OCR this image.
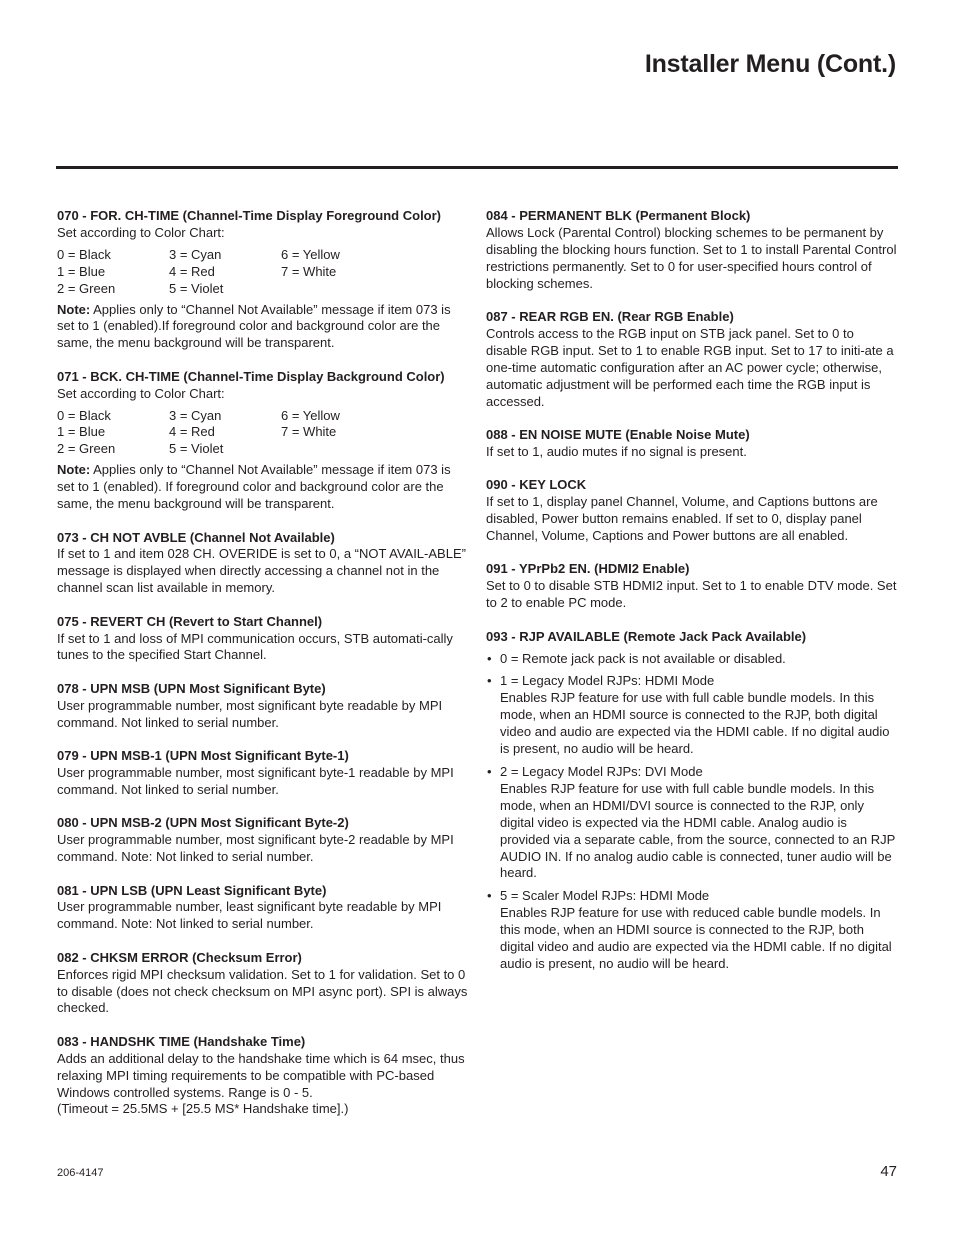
Installer Menu (Cont.)
070 - FOR. CH-TIME (Channel-Time Display Foreground Color)

Set according to Color Chart:

0 = Black	3 = Cyan	6 = Yellow
1 = Blue	4 = Red	7 = White
2 = Green	5 = Violet

Note: Applies only to “Channel Not Available” message if item 073 is set to 1 (enabled).If foreground color and background color are the same, the menu background will be transparent.

071 - BCK. CH-TIME (Channel-Time Display Background Color)

Set according to Color Chart:

0 = Black	3 = Cyan	6 = Yellow
1 = Blue	4 = Red	7 = White
2 = Green	5 = Violet

Note: Applies only to “Channel Not Available” message if item 073 is set to 1 (enabled). If foreground color and background color are the same, the menu background will be transparent.

073 - CH NOT AVBLE (Channel Not Available)

If set to 1 and item 028 CH. OVERIDE is set to 0, a “NOT AVAIL-ABLE” message is displayed when directly accessing a channel not in the channel scan list available in memory.

075 - REVERT CH (Revert to Start Channel)

If set to 1 and loss of MPI communication occurs, STB automati-cally tunes to the specified Start Channel.

078 - UPN MSB (UPN Most Significant Byte)

User programmable number, most significant byte readable by MPI command. Not linked to serial number.

079 - UPN MSB-1 (UPN Most Significant Byte-1)

User programmable number, most significant byte-1 readable by MPI command. Not linked to serial number.

080 - UPN MSB-2 (UPN Most Significant Byte-2)

User programmable number, most significant byte-2 readable by MPI command. Note: Not linked to serial number.

081 - UPN LSB (UPN Least Significant Byte)

User programmable number, least significant byte readable by MPI command. Note: Not linked to serial number.

082 - CHKSM ERROR (Checksum Error)

Enforces rigid MPI checksum validation. Set to 1 for validation. Set to 0 to disable (does not check checksum on MPI async port). SPI is always checked.

083 - HANDSHK TIME (Handshake Time)

Adds an additional delay to the handshake time which is 64 msec, thus relaxing MPI timing requirements to be compatible with PC-based Windows controlled systems. Range is 0 - 5.

(Timeout = 25.5MS + [25.5 MS* Handshake time].)

084 - PERMANENT BLK (Permanent Block)

Allows Lock (Parental Control) blocking schemes to be permanent by disabling the blocking hours function. Set to 1 to install Parental Control restrictions permanently. Set to 0 for user-specified hours control of blocking schemes.

087 - REAR RGB EN. (Rear RGB Enable)

Controls access to the RGB input on STB jack panel. Set to 0 to disable RGB input. Set to 1 to enable RGB input. Set to 17 to initi-ate a one-time automatic configuration after an AC power cycle; otherwise, automatic adjustment will be performed each time the RGB input is accessed.

088 - EN NOISE MUTE (Enable Noise Mute)

If set to 1, audio mutes if no signal is present.

090 - KEY LOCK

If set to 1, display panel Channel, Volume, and Captions buttons are disabled, Power button remains enabled. If set to 0, display panel Channel, Volume, Captions and Power buttons are all enabled.

091 - YPrPb2 EN. (HDMI2 Enable)

Set to 0 to disable STB HDMI2 input. Set to 1 to enable DTV mode. Set to 2 to enable PC mode.

093 - RJP AVAILABLE (Remote Jack Pack Available)
• 0 = Remote jack pack is not available or disabled.
• 1 = Legacy Model RJPs: HDMI Mode
Enables RJP feature for use with full cable bundle models. In this mode, when an HDMI source is connected to the RJP, both digital video and audio are expected via the HDMI cable. If no digital audio is present, no audio will be heard.
• 2 = Legacy Model RJPs: DVI Mode
Enables RJP feature for use with full cable bundle models. In this mode, when an HDMI/DVI source is connected to the RJP, only digital video is expected via the HDMI cable. Analog audio is provided via a separate cable, from the source, connected to an RJP AUDIO IN. If no analog audio cable is connected, tuner audio will be heard.
• 5 = Scaler Model RJPs: HDMI Mode
Enables RJP feature for use with reduced cable bundle models. In this mode, when an HDMI source is connected to the RJP, both digital video and audio are expected via the HDMI cable. If no digital audio is present, no audio will be heard.
206-4147	47
